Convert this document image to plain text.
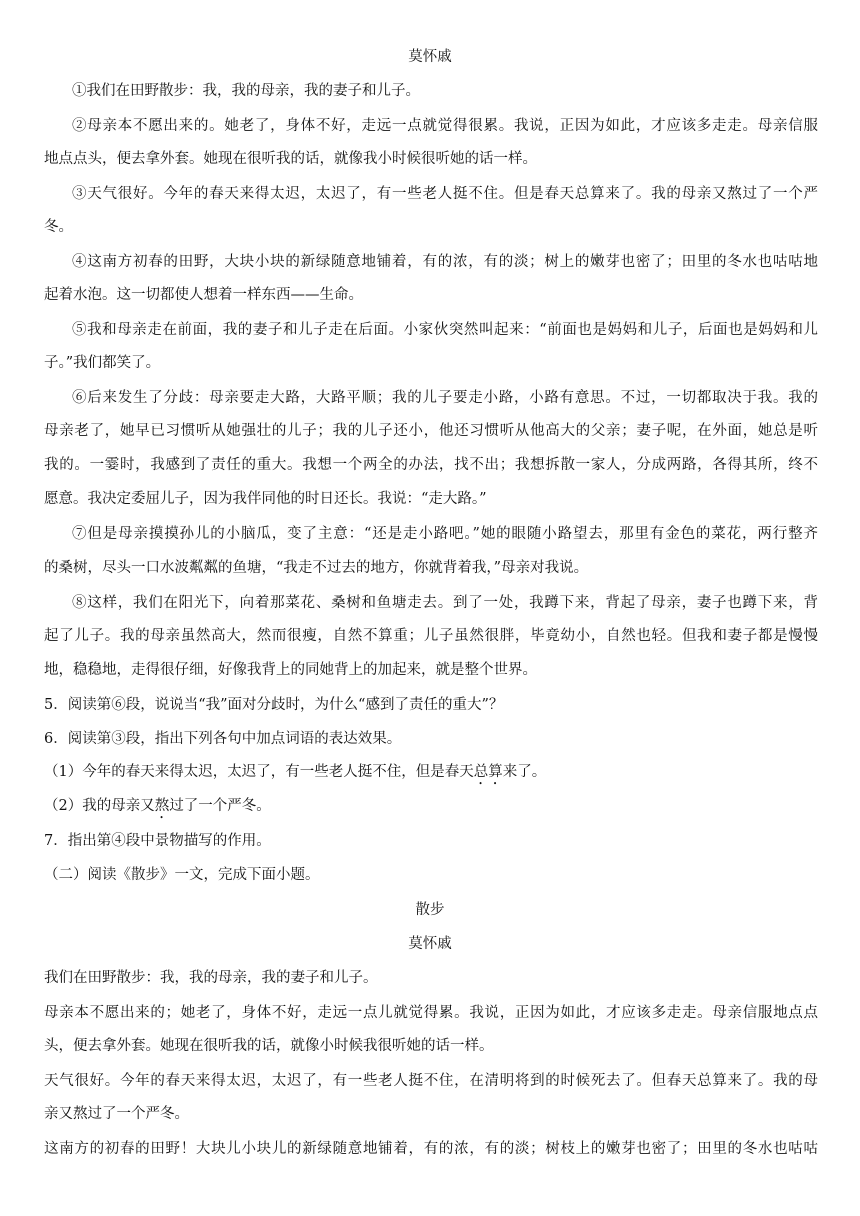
莫怀戚
①我们在田野散步：我，我的母亲，我的妻子和儿子。
②母亲本不愿出来的。她老了，身体不好，走远一点就觉得很累。我说，正因为如此，才应该多走走。母亲信服
地点点头，便去拿外套。她现在很听我的话，就像我小时候很听她的话一样。
③天气很好。今年的春天来得太迟，太迟了，有一些老人挺不住。但是春天总算来了。我的母亲又熬过了一个严
冬。
④这南方初春的田野，大块小块的新绿随意地铺着，有的浓，有的淡；树上的嫩芽也密了；田里的冬水也咕咕地
起着水泡。这一切都使人想着一样东西——生命。
⑤我和母亲走在前面，我的妻子和儿子走在后面。小家伙突然叫起来：“前面也是妈妈和儿子，后面也是妈妈和儿
子。”我们都笑了。
⑥后来发生了分歧：母亲要走大路，大路平顺；我的儿子要走小路，小路有意思。不过，一切都取决于我。我的
母亲老了，她早已习惯听从她强壮的儿子；我的儿子还小，他还习惯听从他高大的父亲；妻子呢，在外面，她总是听
我的。一霎时，我感到了责任的重大。我想一个两全的办法，找不出；我想拆散一家人，分成两路，各得其所，终不
愿意。我决定委屈儿子，因为我伴同他的时日还长。我说：“走大路。”
⑦但是母亲摸摸孙儿的小脑瓜，变了主意：“还是走小路吧。”她的眼随小路望去，那里有金色的菜花，两行整齐
的桑树，尽头一口水波粼粼的鱼塘，“我走不过去的地方，你就背着我，”母亲对我说。
⑧这样，我们在阳光下，向着那菜花、桑树和鱼塘走去。到了一处，我蹲下来，背起了母亲，妻子也蹲下来，背
起了儿子。我的母亲虽然高大，然而很瘦，自然不算重；儿子虽然很胖，毕竟幼小，自然也轻。但我和妻子都是慢慢
地，稳稳地，走得很仔细，好像我背上的同她背上的加起来，就是整个世界。
5．阅读第⑥段，说说当“我”面对分歧时，为什么“感到了责任的重大”？
6．阅读第③段，指出下列各句中加点词语的表达效果。
（1）今年的春天来得太迟，太迟了，有一些老人挺不住，但是春天总算来了。
（2）我的母亲又熬过了一个严冬。
7．指出第④段中景物描写的作用。
（二）阅读《散步》一文，完成下面小题。
散步
莫怀戚
我们在田野散步：我，我的母亲，我的妻子和儿子。
母亲本不愿出来的；她老了，身体不好，走远一点儿就觉得累。我说，正因为如此，才应该多走走。母亲信服地点点
头，便去拿外套。她现在很听我的话，就像小时候我很听她的话一样。
天气很好。今年的春天来得太迟，太迟了，有一些老人挺不住，在清明将到的时候死去了。但春天总算来了。我的母
亲又熬过了一个严冬。
这南方的初春的田野！大块儿小块儿的新绿随意地铺着，有的浓，有的淡；树枝上的嫩芽也密了；田里的冬水也咕咕
